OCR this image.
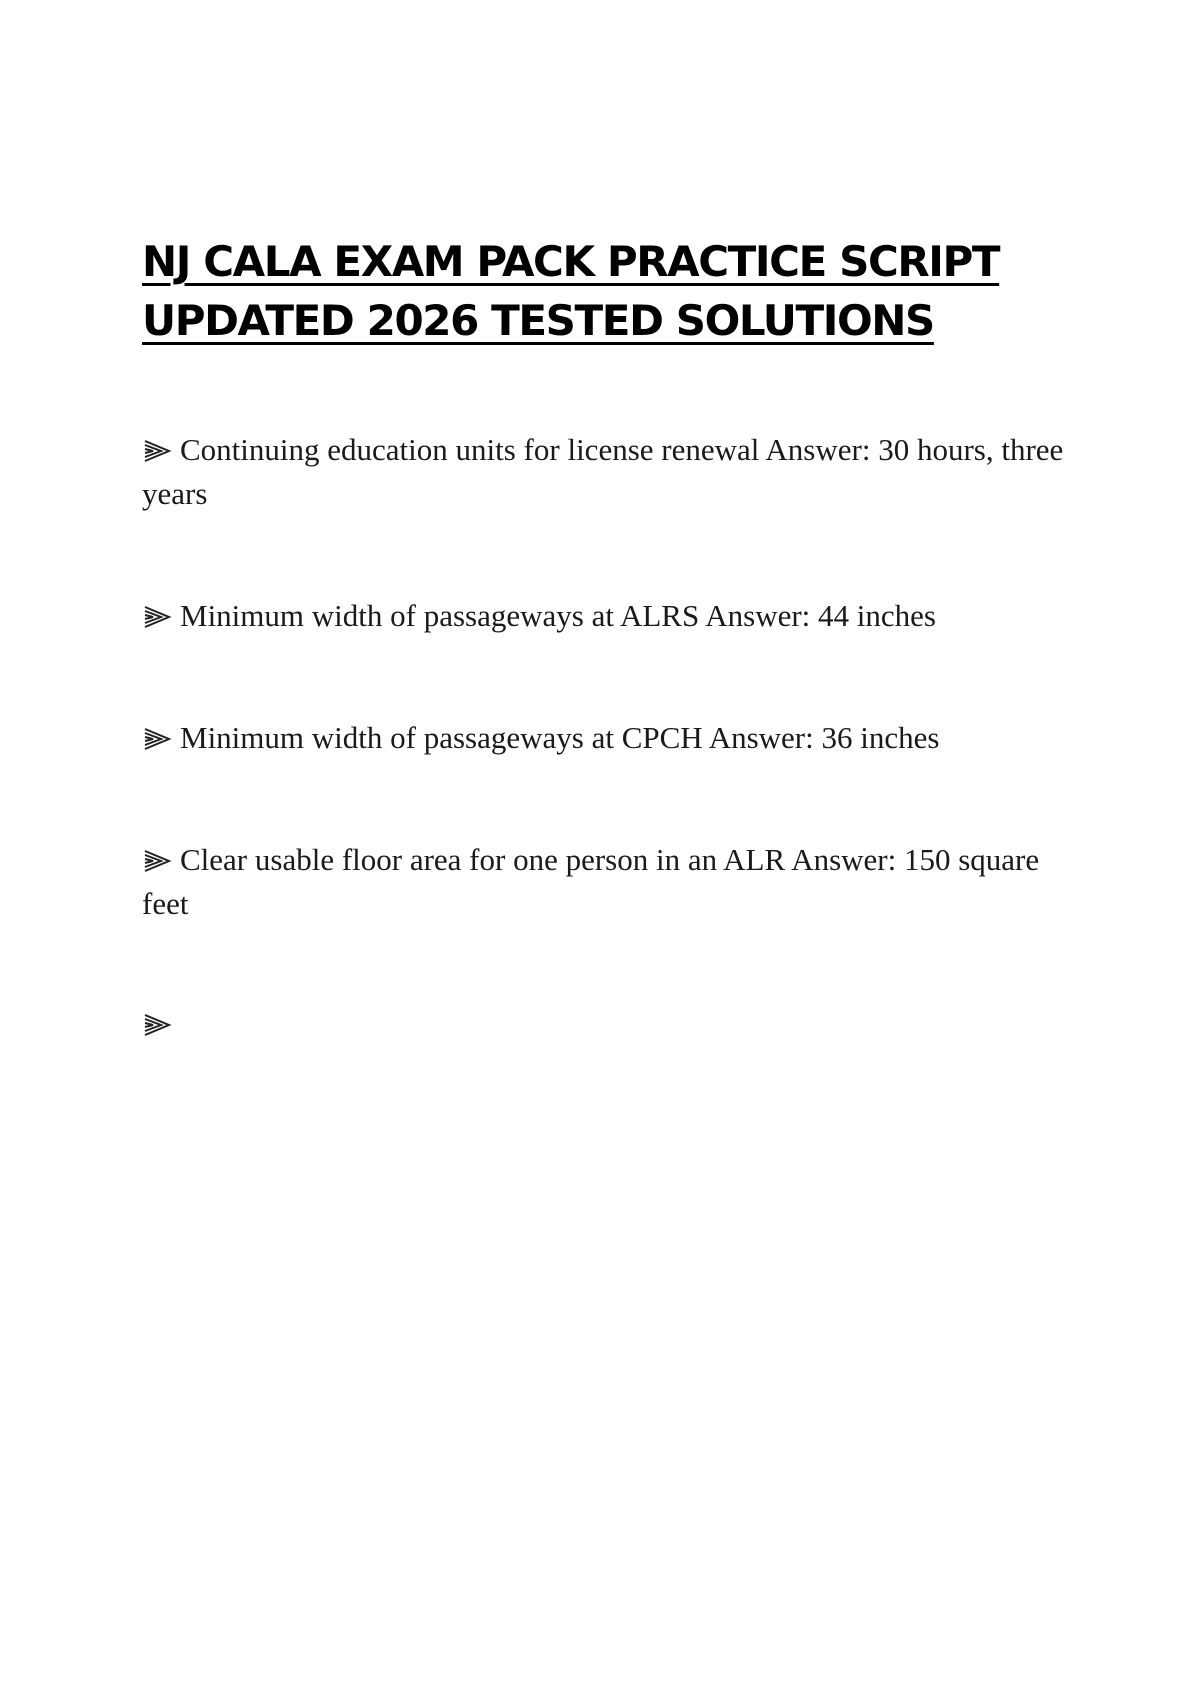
NJ CALA EXAM PACK PRACTICE SCRIPT
UPDATED 2026 TESTED SOLUTIONS

Continuing education units for license renewal Answer: 30 hours, three years

Minimum width of passageways at ALRS Answer: 44 inches

Minimum width of passageways at CPCH Answer: 36 inches

Clear usable floor area for one person in an ALR Answer: 150 square feet
